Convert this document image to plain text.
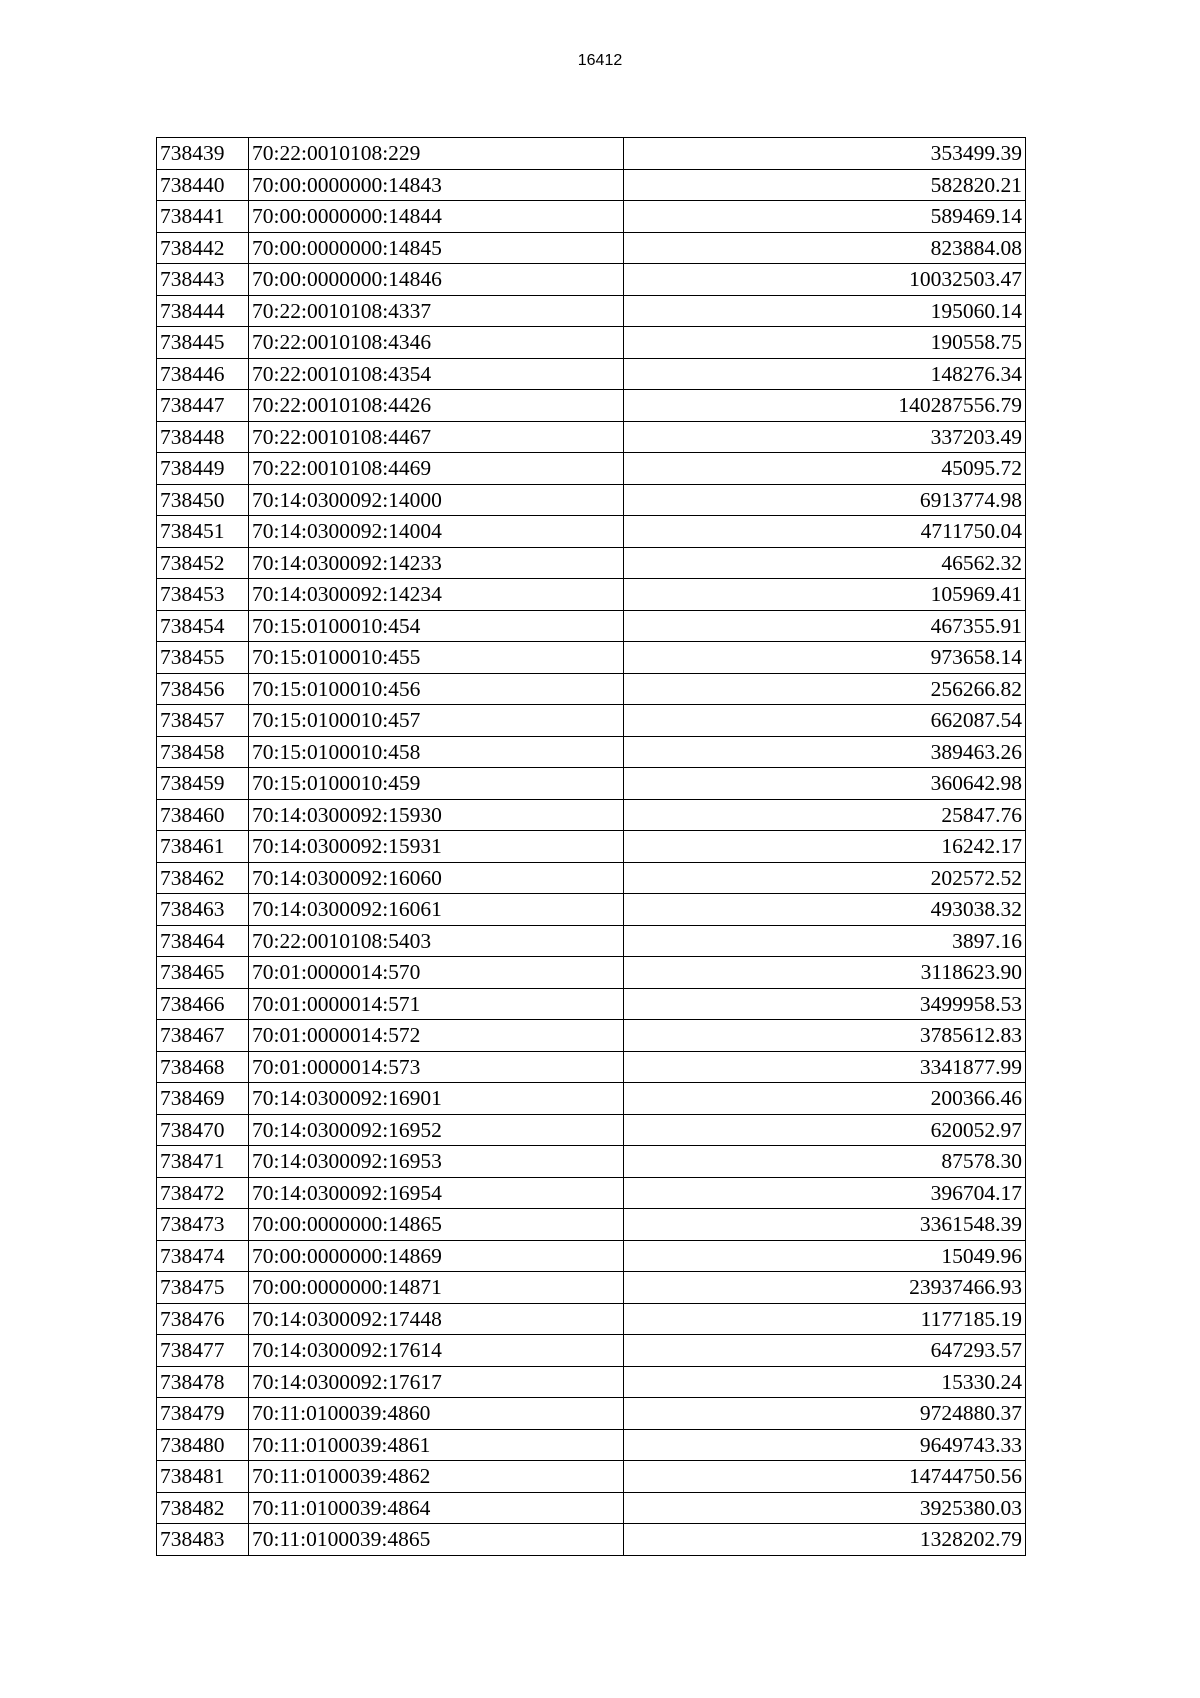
16412
738439	70:22:0010108:229	353499.39
738440	70:00:0000000:14843	582820.21
738441	70:00:0000000:14844	589469.14
738442	70:00:0000000:14845	823884.08
738443	70:00:0000000:14846	10032503.47
738444	70:22:0010108:4337	195060.14
738445	70:22:0010108:4346	190558.75
738446	70:22:0010108:4354	148276.34
738447	70:22:0010108:4426	140287556.79
738448	70:22:0010108:4467	337203.49
738449	70:22:0010108:4469	45095.72
738450	70:14:0300092:14000	6913774.98
738451	70:14:0300092:14004	4711750.04
738452	70:14:0300092:14233	46562.32
738453	70:14:0300092:14234	105969.41
738454	70:15:0100010:454	467355.91
738455	70:15:0100010:455	973658.14
738456	70:15:0100010:456	256266.82
738457	70:15:0100010:457	662087.54
738458	70:15:0100010:458	389463.26
738459	70:15:0100010:459	360642.98
738460	70:14:0300092:15930	25847.76
738461	70:14:0300092:15931	16242.17
738462	70:14:0300092:16060	202572.52
738463	70:14:0300092:16061	493038.32
738464	70:22:0010108:5403	3897.16
738465	70:01:0000014:570	3118623.90
738466	70:01:0000014:571	3499958.53
738467	70:01:0000014:572	3785612.83
738468	70:01:0000014:573	3341877.99
738469	70:14:0300092:16901	200366.46
738470	70:14:0300092:16952	620052.97
738471	70:14:0300092:16953	87578.30
738472	70:14:0300092:16954	396704.17
738473	70:00:0000000:14865	3361548.39
738474	70:00:0000000:14869	15049.96
738475	70:00:0000000:14871	23937466.93
738476	70:14:0300092:17448	1177185.19
738477	70:14:0300092:17614	647293.57
738478	70:14:0300092:17617	15330.24
738479	70:11:0100039:4860	9724880.37
738480	70:11:0100039:4861	9649743.33
738481	70:11:0100039:4862	14744750.56
738482	70:11:0100039:4864	3925380.03
738483	70:11:0100039:4865	1328202.79
